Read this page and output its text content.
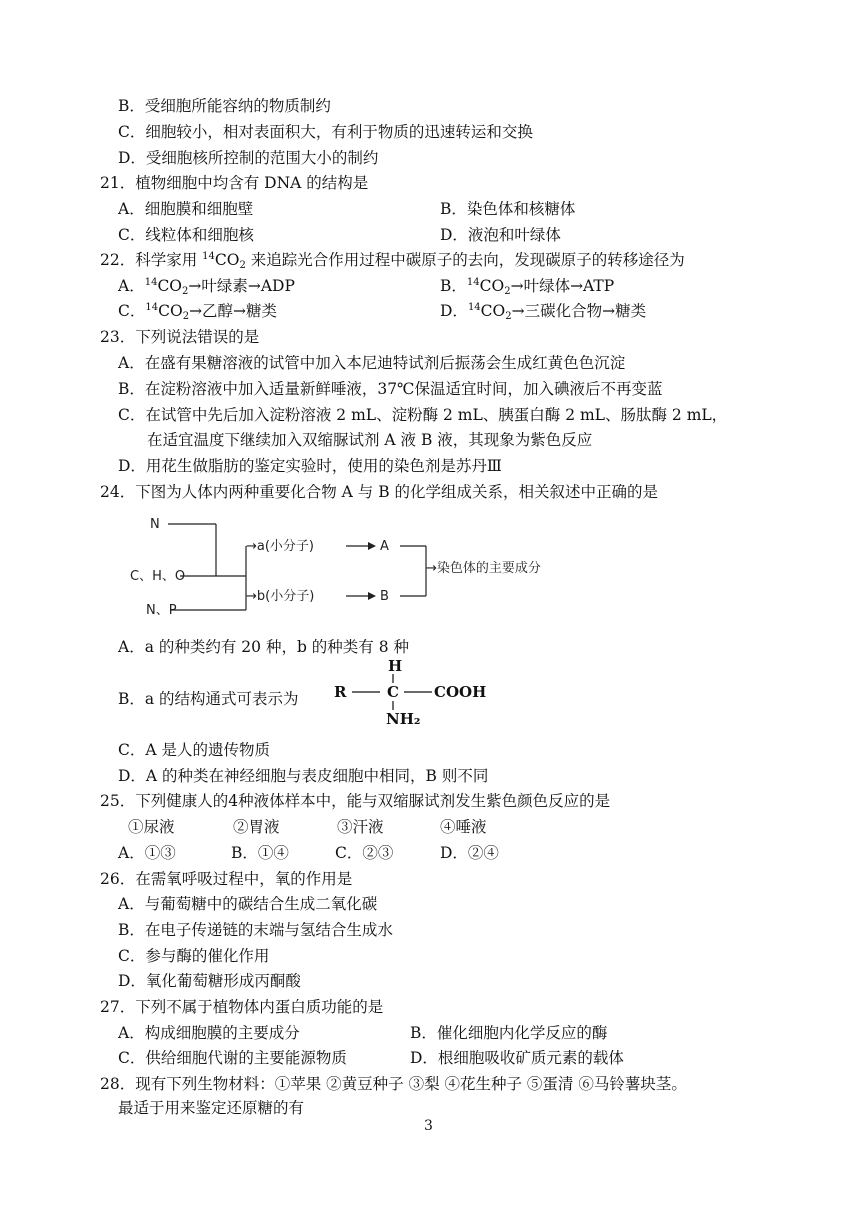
B．受细胞所能容纳的物质制约
C．细胞较小，相对表面积大，有利于物质的迅速转运和交换
D．受细胞核所控制的范围大小的制约
21．植物细胞中均含有 DNA 的结构是
A．细胞膜和细胞壁	B．染色体和核糖体
C．线粒体和细胞核	D．液泡和叶绿体
22．科学家用 $^{14}CO_2$ 来追踪光合作用过程中碳原子的去向，发现碳原子的转移途径为
A．$^{14}CO_2\to$叶绿素→ADP	B．$^{14}CO_2\to$叶绿体→ATP
C．$^{14}CO_2\to$乙醇→糖类	D．$^{14}CO_2\to$三碳化合物→糖类
23．下列说法错误的是
A．在盛有果糖溶液的试管中加入本尼迪特试剂后振荡会生成红黄色色沉淀
B．在淀粉溶液中加入适量新鲜唾液，37℃保温适宜时间，加入碘液后不再变蓝
C．在试管中先后加入淀粉溶液 2 mL、淀粉酶 2 mL、胰蛋白酶 2 mL、肠肽酶 2 mL，
在适宜温度下继续加入双缩脲试剂 A 液 B 液，其现象为紫色反应
D．用花生做脂肪的鉴定实验时，使用的染色剂是苏丹Ⅲ
24．下图为人体内两种重要化合物 A 与 B 的化学组成关系，相关叙述中正确的是
N
C、H、O
N、P
→a(小分子)
→b(小分子)
A
B
→染色体的主要成分
A．a 的种类约有 20 种，b 的种类有 8 种
B．a 的结构通式可表示为
H
R	C COOH
NH₂
C．A 是人的遗传物质
D．A 的种类在神经细胞与表皮细胞中相同，B 则不同
25．下列健康人的4种液体样本中，能与双缩脲试剂发生紫色颜色反应的是
①尿液	②胃液	③汗液	④唾液
A．①③	B．①④	C．②③	D．②④
26．在需氧呼吸过程中，氧的作用是
A．与葡萄糖中的碳结合生成二氧化碳
B．在电子传递链的末端与氢结合生成水
C．参与酶的催化作用
D．氧化葡萄糖形成丙酮酸
27．下列不属于植物体内蛋白质功能的是
A．构成细胞膜的主要成分	B．催化细胞内化学反应的酶
C．供给细胞代谢的主要能源物质	D．根细胞吸收矿质元素的载体
28．现有下列生物材料：①苹果 ②黄豆种子 ③梨 ④花生种子 ⑤蛋清 ⑥马铃薯块茎。
最适于用来鉴定还原糖的有
3
